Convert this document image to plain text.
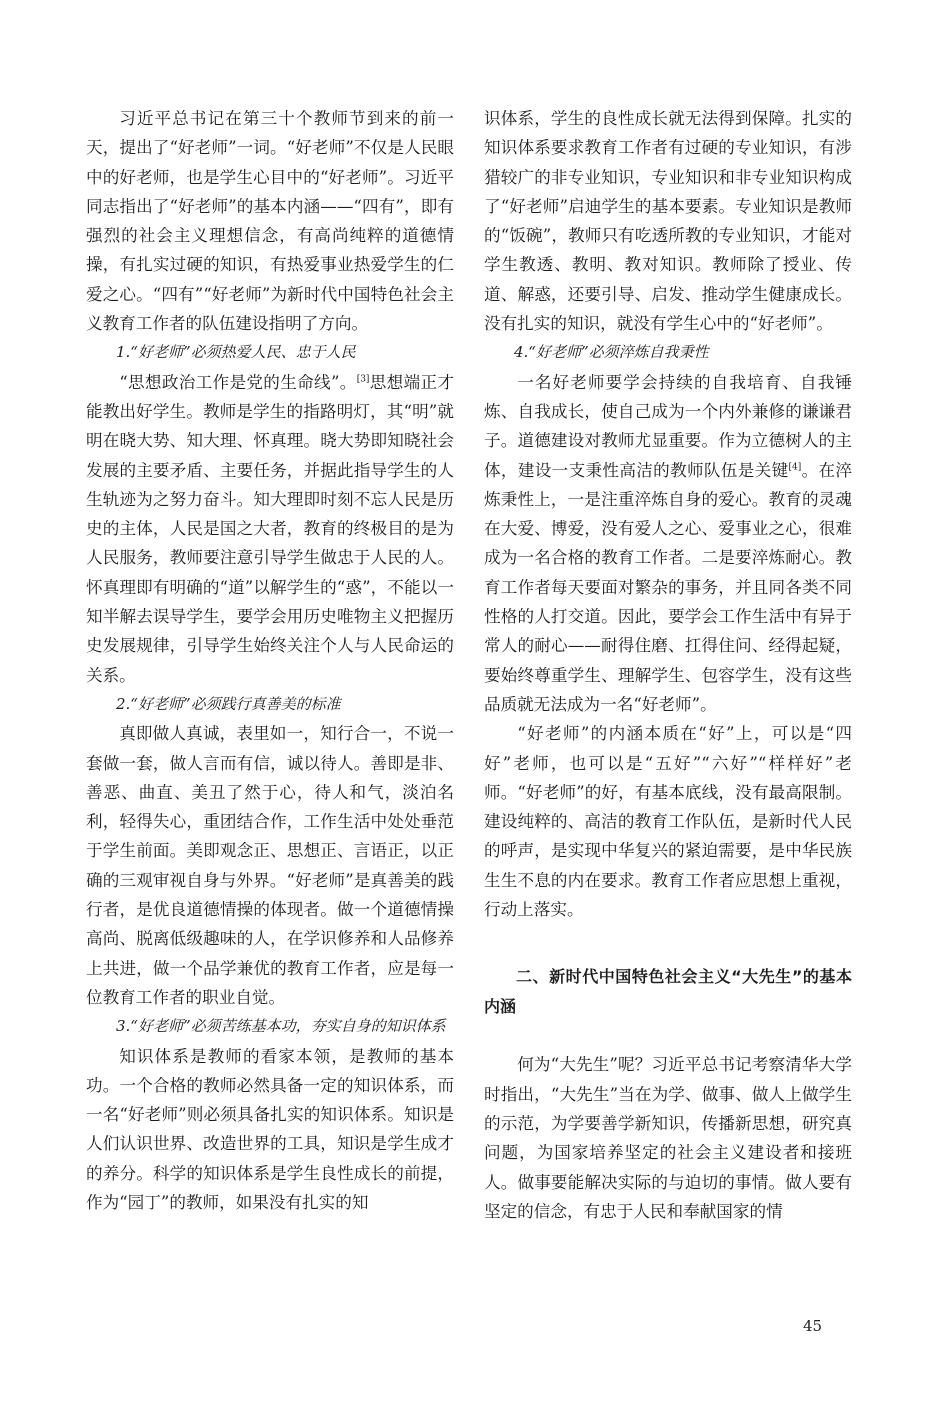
习近平总书记在第三十个教师节到来的前一天，提出了“好老师”一词。“好老师”不仅是人民眼中的好老师，也是学生心目中的“好老师”。习近平同志指出了“好老师”的基本内涵——“四有”，即有强烈的社会主义理想信念，有高尚纯粹的道德情操，有扎实过硬的知识，有热爱事业热爱学生的仁爱之心。“四有”“好老师”为新时代中国特色社会主义教育工作者的队伍建设指明了方向。

1.“好老师”必须热爱人民、忠于人民

“思想政治工作是党的生命线”。[3]思想端正才能教出好学生。教师是学生的指路明灯，其“明”就明在晓大势、知大理、怀真理。晓大势即知晓社会发展的主要矛盾、主要任务，并据此指导学生的人生轨迹为之努力奋斗。知大理即时刻不忘人民是历史的主体，人民是国之大者，教育的终极目的是为人民服务，教师要注意引导学生做忠于人民的人。怀真理即有明确的“道”以解学生的“惑”，不能以一知半解去误导学生，要学会用历史唯物主义把握历史发展规律，引导学生始终关注个人与人民命运的关系。

2.“好老师”必须践行真善美的标准

真即做人真诚，表里如一，知行合一，不说一套做一套，做人言而有信，诚以待人。善即是非、善恶、曲直、美丑了然于心，待人和气，淡泊名利，轻得失心，重团结合作，工作生活中处处垂范于学生前面。美即观念正、思想正、言语正，以正确的三观审视自身与外界。“好老师”是真善美的践行者，是优良道德情操的体现者。做一个道德情操高尚、脱离低级趣味的人，在学识修养和人品修养上共进，做一个品学兼优的教育工作者，应是每一位教育工作者的职业自觉。

3.“好老师”必须苦练基本功，夯实自身的知识体系

知识体系是教师的看家本领，是教师的基本功。一个合格的教师必然具备一定的知识体系，而一名“好老师”则必须具备扎实的知识体系。知识是人们认识世界、改造世界的工具，知识是学生成才的养分。科学的知识体系是学生良性成长的前提，作为“园丁”的教师，如果没有扎实的知

识体系，学生的良性成长就无法得到保障。扎实的知识体系要求教育工作者有过硬的专业知识，有涉猎较广的非专业知识，专业知识和非专业知识构成了“好老师”启迪学生的基本要素。专业知识是教师的“饭碗”，教师只有吃透所教的专业知识，才能对学生教透、教明、教对知识。教师除了授业、传道、解惑，还要引导、启发、推动学生健康成长。没有扎实的知识，就没有学生心中的“好老师”。

4.“好老师”必须淬炼自我秉性

一名好老师要学会持续的自我培育、自我锤炼、自我成长，使自己成为一个内外兼修的谦谦君子。道德建设对教师尤显重要。作为立德树人的主体，建设一支秉性高洁的教师队伍是关键[4]。在淬炼秉性上，一是注重淬炼自身的爱心。教育的灵魂在大爱、博爱，没有爱人之心、爱事业之心，很难成为一名合格的教育工作者。二是要淬炼耐心。教育工作者每天要面对繁杂的事务，并且同各类不同性格的人打交道。因此，要学会工作生活中有异于常人的耐心——耐得住磨、扛得住问、经得起疑，要始终尊重学生、理解学生、包容学生，没有这些品质就无法成为一名“好老师”。

“好老师”的内涵本质在“好”上，可以是“四好”老师，也可以是“五好”“六好”“样样好”老师。“好老师”的好，有基本底线，没有最高限制。建设纯粹的、高洁的教育工作队伍，是新时代人民的呼声，是实现中华复兴的紧迫需要，是中华民族生生不息的内在要求。教育工作者应思想上重视，行动上落实。

二、新时代中国特色社会主义“大先生”的基本内涵

何为“大先生”呢？习近平总书记考察清华大学时指出，“大先生”当在为学、做事、做人上做学生的示范，为学要善学新知识，传播新思想，研究真问题，为国家培养坚定的社会主义建设者和接班人。做事要能解决实际的与迫切的事情。做人要有坚定的信念，有忠于人民和奉献国家的情

45
